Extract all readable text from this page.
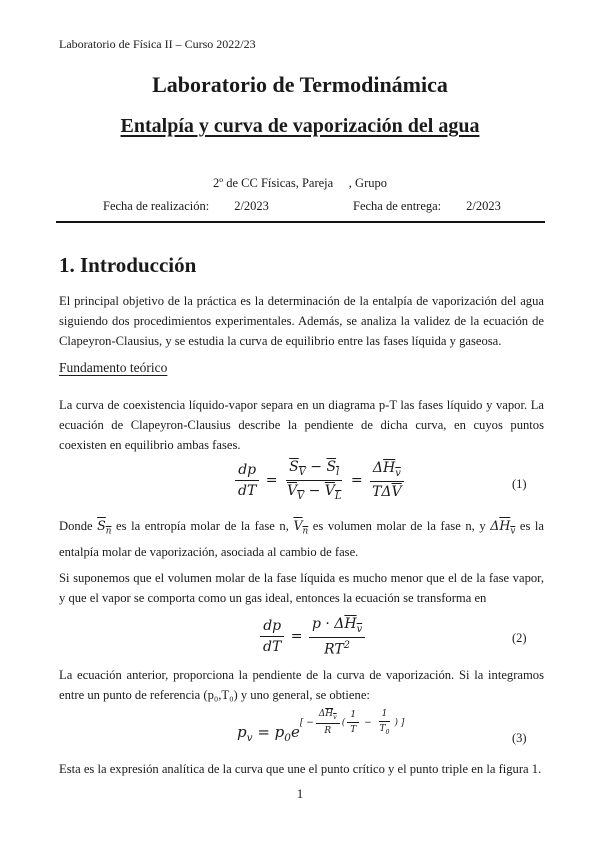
Laboratorio de Física II – Curso 2022/23
Laboratorio de Termodinámica
Entalpía y curva de vaporización del agua
2º de CC Físicas, Pareja     , Grupo
Fecha de realización:        2/2023	Fecha de entrega:        2/2023
1. Introducción
El principal objetivo de la práctica es la determinación de la entalpía de vaporización del agua siguiendo dos procedimientos experimentales. Además, se analiza la validez de la ecuación de Clapeyron-Clausius, y se estudia la curva de equilibrio entre las fases líquida y gaseosa.
Fundamento teórico
La curva de coexistencia líquido-vapor separa en un diagrama p-T las fases líquido y vapor. La ecuación de Clapeyron-Clausius describe la pendiente de dicha curva, en cuyos puntos coexisten en equilibrio ambas fases.
$\frac{dp}{dT} = \frac{S_V - S_l}{V_V - V_L} = \frac{\Delta H_v}{T\Delta\overline{V}}$	(1)
Donde $S_n$ es la entropía molar de la fase n, $V_n$ es volumen molar de la fase n, y $\Delta H_v$ es la entalpía molar de vaporización, asociada al cambio de fase.
Si suponemos que el volumen molar de la fase líquida es mucho menor que el de la fase vapor, y que el vapor se comporta como un gas ideal, entonces la ecuación se transforma en
$\frac{dp}{dT} = \frac{p \cdot \Delta H_v}{RT^2}$	(2)
La ecuación anterior, proporciona la pendiente de la curva de vaporización. Si la integramos entre un punto de referencia (p₀,T₀) y uno general, se obtiene:
$p_v = p_0e[ - \Delta Hv R ( 1 T - 1 T0 ) ]$
(3)
Esta es la expresión analítica de la curva que une el punto crítico y el punto triple en la figura 1.
1
